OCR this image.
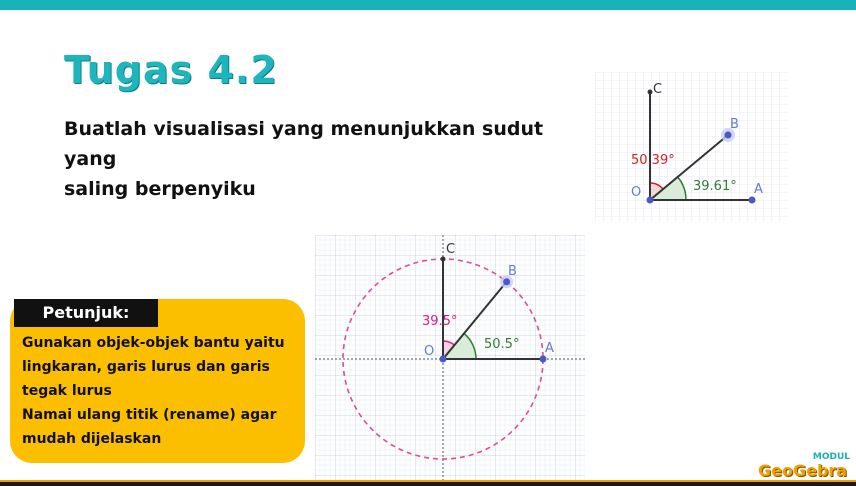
Tugas 4.2

Buatlah visualisasi yang menunjukkan sudut yang
saling berpenyiku

C
B
A
O
50.39°
39.61°
C
B
A
O
39.5°
50.5°
Petunjuk:

Gunakan objek-objek bantu yaitu
lingkaran, garis lurus dan garis
tegak lurus
Namai ulang titik (rename) agar
mudah dijelaskan

MODUL

GeoGebra
